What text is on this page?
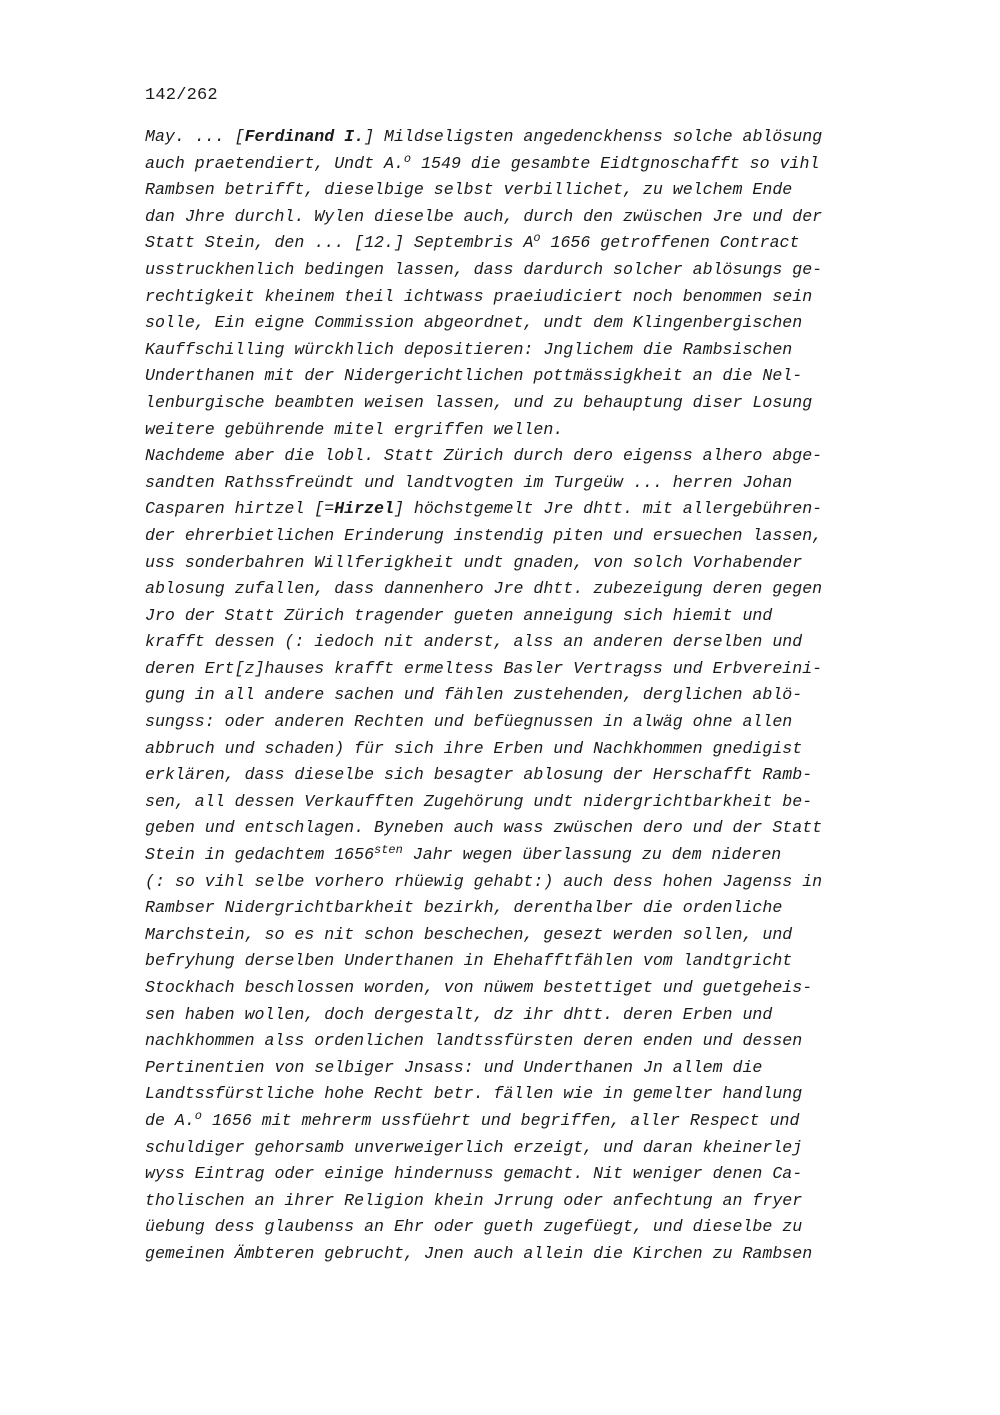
142/262
May. ... [Ferdinand I.] Mildseligsten angedenckhenss solche ablösung
auch praetendiert, Undt A.$^o$ 1549 die gesambte Eidtgnoschafft so vihl
Rambsen betrifft, dieselbige selbst verbillichet, zu welchem Ende
dan Jhre durchl. Wylen dieselbe auch, durch den zwüschen Jre und der
Statt Stein, den ... [12.] Septembris $A^o$ 1656 getroffenen Contract
usstruckhenlich bedingen lassen, dass dardurch solcher ablösungs ge-
rechtigkeit kheinem theil ichtwass praeiudiciert noch benommen sein
solle, Ein eigne Commission abgeordnet, undt dem Klingenbergischen
Kauffschilling würckhlich depositieren: Jnglichem die Rambsischen
Underthanen mit der Nidergerichtlichen pottmässigkheit an die Nel-
lenburgische beambten weisen lassen, und zu behauptung diser Losung
weitere gebührende mitel ergriffen wellen.
Nachdeme aber die lobl. Statt Zürich durch dero eigenss alhero abge-
sandten Rathssfreündt und landtvogten im Turgeüw ... herren Johan
Casparen hirtzel [=Hirzel] höchstgemelt Jre dhtt. mit allergebühren-
der ehrerbietlichen Erinderung instendig piten und ersuechen lassen,
uss sonderbahren Willferigkheit undt gnaden, von solch Vorhabender
ablosung zufallen, dass dannenhero Jre dhtt. zubezeigung deren gegen
Jro der Statt Zürich tragender gueten anneigung sich hiemit und
krafft dessen (: iedoch nit anderst, alss an anderen derselben und
deren Ert[z]hauses krafft ermeltess Basler Vertragss und Erbvereini-
gung in all andere sachen und fählen zustehenden, derglichen ablö-
sungss: oder anderen Rechten und befüegnussen in alwäg ohne allen
abbruch und schaden) für sich ihre Erben und Nachkhommen gnedigist
erklären, dass dieselbe sich besagter ablosung der Herschafft Ramb-
sen, all dessen Verkaufften Zugehörung undt nidergrichtbarkheit be-
geben und entschlagen. Byneben auch wass zwüschen dero und der Statt
Stein in gedachtem $1656^{sten}$ Jahr wegen überlassung zu dem nideren
(: so vihl selbe vorhero rhüewig gehabt:) auch dess hohen Jagenss in
Rambser Nidergrichtbarkheit bezirkh, derenthalber die ordenliche
Marchstein, so es nit schon beschechen, gesezt werden sollen, und
befryhung derselben Underthanen in Ehehafftfählen vom landtgricht
Stockhach beschlossen worden, von nüwem bestettiget und guetgeheis-
sen haben wollen, doch dergestalt, dz ihr dhtt. deren Erben und
nachkhommen alss ordenlichen landtssfürsten deren enden und dessen
Pertinentien von selbiger Jnsass: und Underthanen Jn allem die
Landtssfürstliche hohe Recht betr. fällen wie in gemelter handlung
de A.$^o$ 1656 mit mehrerm ussfüehrt und begriffen, aller Respect und
schuldiger gehorsamb unverweigerlich erzeigt, und daran kheinerlej
wyss Eintrag oder einige hindernuss gemacht. Nit weniger denen Ca-
tholischen an ihrer Religion khein Jrrung oder anfechtung an fryer
üebung dess glaubenss an Ehr oder gueth zugefüegt, und dieselbe zu
gemeinen Ämbteren gebrucht, Jnen auch allein die Kirchen zu Rambsen
